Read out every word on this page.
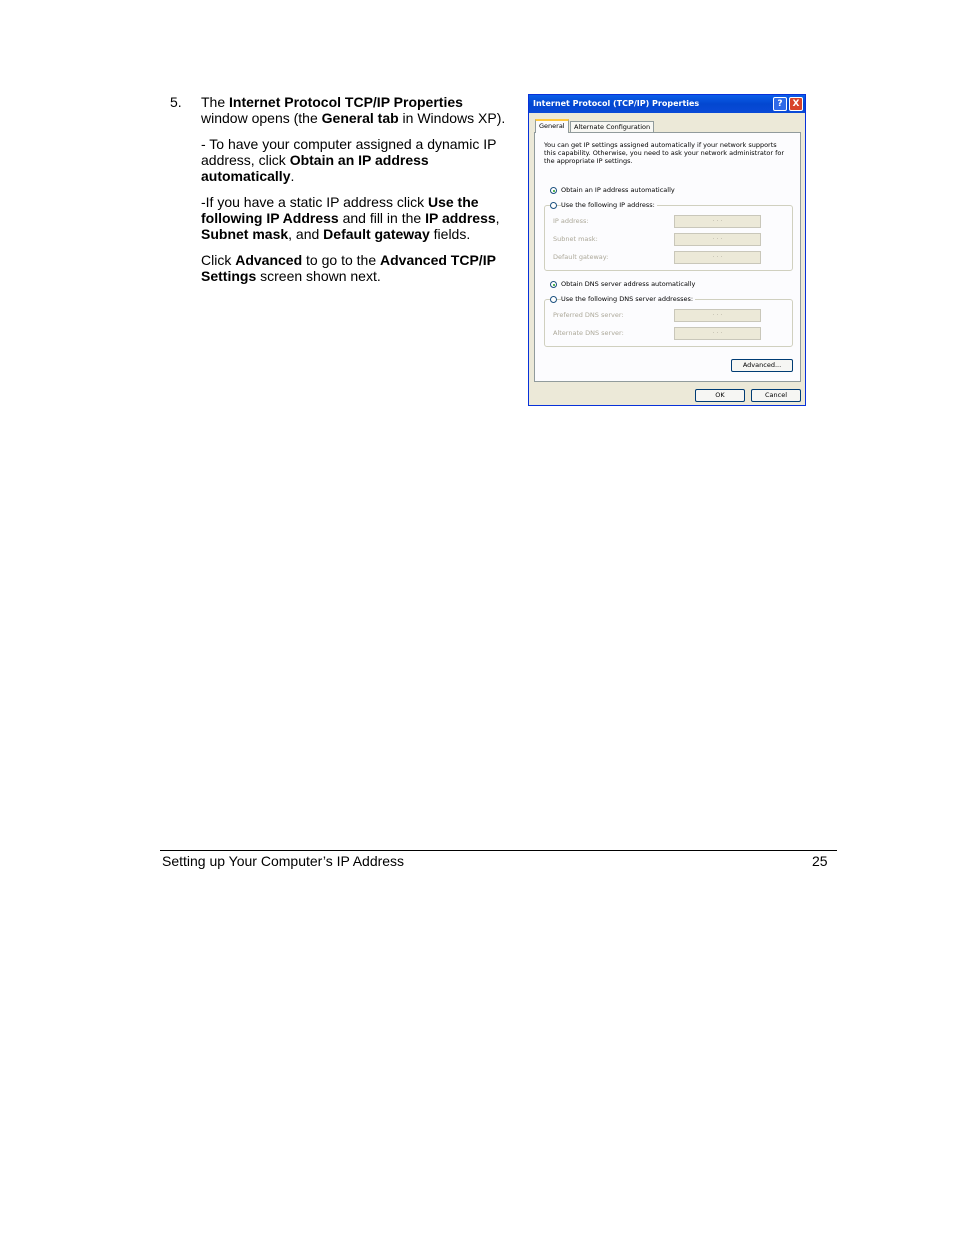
5. The Internet Protocol TCP/IP Properties window opens (the General tab in Windows XP).

- To have your computer assigned a dynamic IP address, click Obtain an IP address automatically.

-If you have a static IP address click Use the following IP Address and fill in the IP address, Subnet mask, and Default gateway fields.

Click Advanced to go to the Advanced TCP/IP Settings screen shown next.

Internet Protocol (TCP/IP) Properties	?	X
General	Alternate Configuration
You can get IP settings assigned automatically if your network supports this capability. Otherwise, you need to ask your network administrator for the appropriate IP settings.
Obtain an IP address automatically
Use the following IP address:
IP address:	. . .
Subnet mask:	. . .
Default gateway:	. . .
Obtain DNS server address automatically
Use the following DNS server addresses:
Preferred DNS server:	. . .
Alternate DNS server:	. . .
Advanced...
OK	Cancel
Setting up Your Computer’s IP Address	25
